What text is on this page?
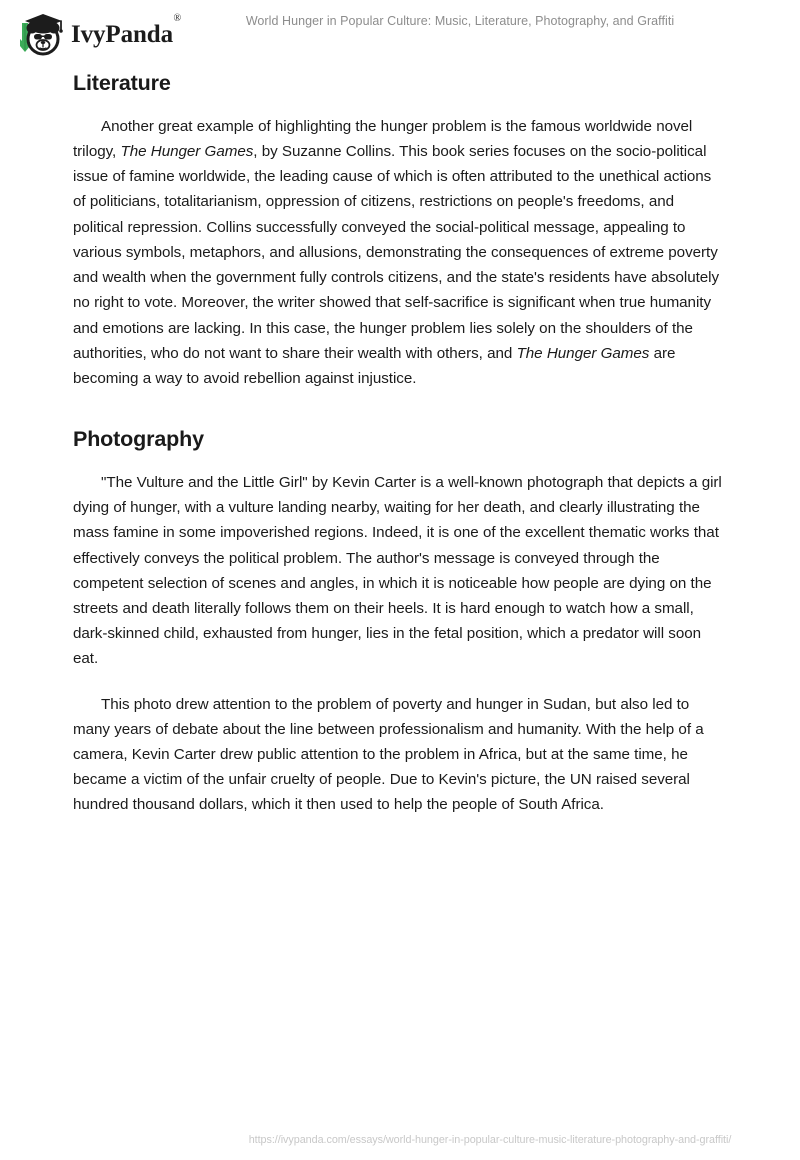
IvyPanda®	World Hunger in Popular Culture: Music, Literature, Photography, and Graffiti
Literature

Another great example of highlighting the hunger problem is the famous worldwide novel trilogy, The Hunger Games, by Suzanne Collins. This book series focuses on the socio-political issue of famine worldwide, the leading cause of which is often attributed to the unethical actions of politicians, totalitarianism, oppression of citizens, restrictions on people's freedoms, and political repression. Collins successfully conveyed the social-political message, appealing to various symbols, metaphors, and allusions, demonstrating the consequences of extreme poverty and wealth when the government fully controls citizens, and the state's residents have absolutely no right to vote. Moreover, the writer showed that self-sacrifice is significant when true humanity and emotions are lacking. In this case, the hunger problem lies solely on the shoulders of the authorities, who do not want to share their wealth with others, and The Hunger Games are becoming a way to avoid rebellion against injustice.

Photography

"The Vulture and the Little Girl" by Kevin Carter is a well-known photograph that depicts a girl dying of hunger, with a vulture landing nearby, waiting for her death, and clearly illustrating the mass famine in some impoverished regions. Indeed, it is one of the excellent thematic works that effectively conveys the political problem. The author's message is conveyed through the competent selection of scenes and angles, in which it is noticeable how people are dying on the streets and death literally follows them on their heels. It is hard enough to watch how a small, dark-skinned child, exhausted from hunger, lies in the fetal position, which a predator will soon eat.

This photo drew attention to the problem of poverty and hunger in Sudan, but also led to many years of debate about the line between professionalism and humanity. With the help of a camera, Kevin Carter drew public attention to the problem in Africa, but at the same time, he became a victim of the unfair cruelty of people. Due to Kevin's picture, the UN raised several hundred thousand dollars, which it then used to help the people of South Africa.

https://ivypanda.com/essays/world-hunger-in-popular-culture-music-literature-photography-and-graffiti/
